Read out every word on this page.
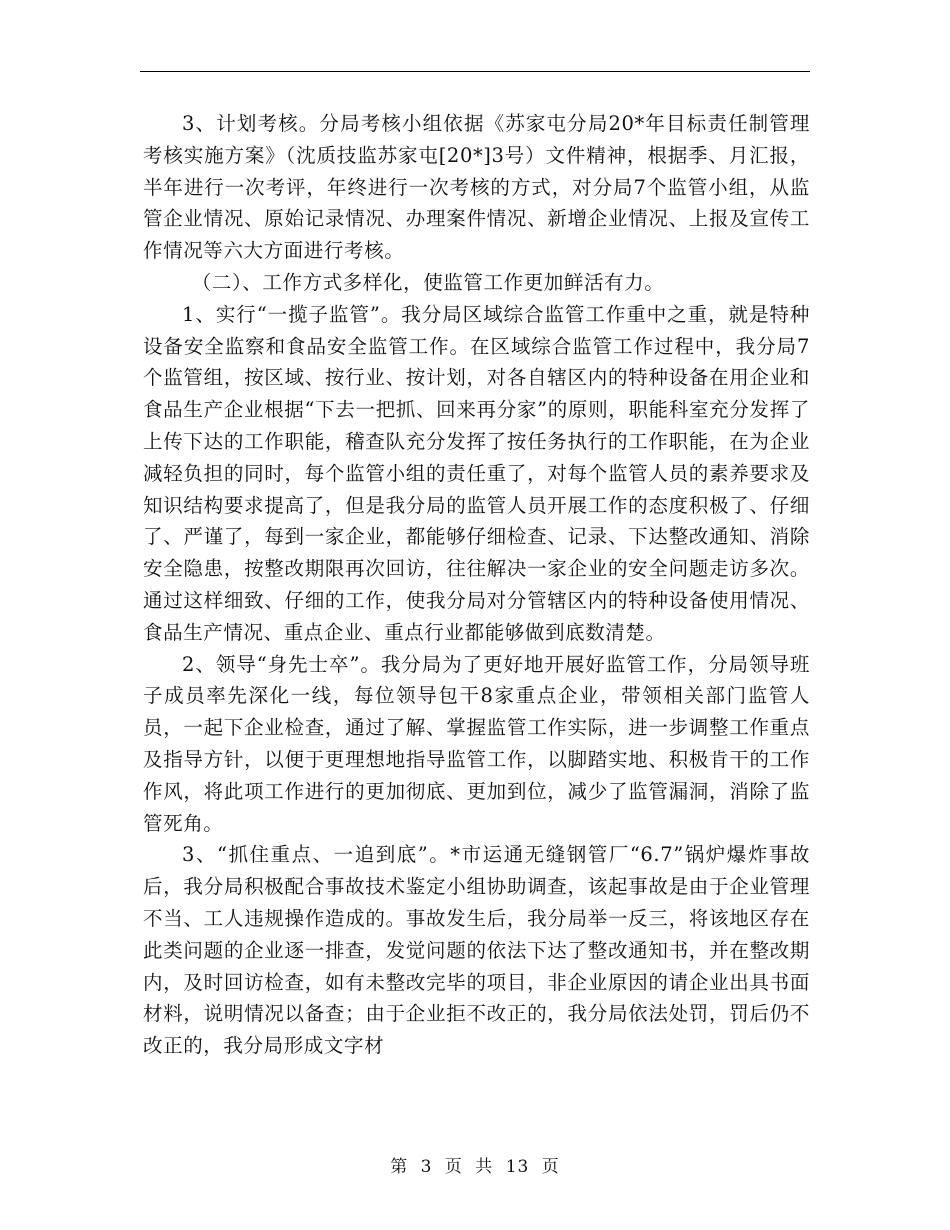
3、计划考核。分局考核小组依据《苏家屯分局20*年目标责任制管理考核实施方案》（沈质技监苏家屯[20*]3号）文件精神，根据季、月汇报，半年进行一次考评，年终进行一次考核的方式，对分局7个监管小组，从监管企业情况、原始记录情况、办理案件情况、新增企业情况、上报及宣传工作情况等六大方面进行考核。

（二）、工作方式多样化，使监管工作更加鲜活有力。

1、实行“一揽子监管”。我分局区域综合监管工作重中之重，就是特种设备安全监察和食品安全监管工作。在区域综合监管工作过程中，我分局7个监管组，按区域、按行业、按计划，对各自辖区内的特种设备在用企业和食品生产企业根据“下去一把抓、回来再分家”的原则，职能科室充分发挥了上传下达的工作职能，稽查队充分发挥了按任务执行的工作职能，在为企业减轻负担的同时，每个监管小组的责任重了，对每个监管人员的素养要求及知识结构要求提高了，但是我分局的监管人员开展工作的态度积极了、仔细了、严谨了，每到一家企业，都能够仔细检查、记录、下达整改通知、消除安全隐患，按整改期限再次回访，往往解决一家企业的安全问题走访多次。通过这样细致、仔细的工作，使我分局对分管辖区内的特种设备使用情况、食品生产情况、重点企业、重点行业都能够做到底数清楚。

2、领导“身先士卒”。我分局为了更好地开展好监管工作，分局领导班子成员率先深化一线，每位领导包干8家重点企业，带领相关部门监管人员，一起下企业检查，通过了解、掌握监管工作实际，进一步调整工作重点及指导方针，以便于更理想地指导监管工作，以脚踏实地、积极肯干的工作作风，将此项工作进行的更加彻底、更加到位，减少了监管漏洞，消除了监管死角。

3、“抓住重点、一追到底”。*市运通无缝钢管厂“6.7”锅炉爆炸事故后，我分局积极配合事故技术鉴定小组协助调查，该起事故是由于企业管理不当、工人违规操作造成的。事故发生后，我分局举一反三，将该地区存在此类问题的企业逐一排查，发觉问题的依法下达了整改通知书，并在整改期内，及时回访检查，如有未整改完毕的项目，非企业原因的请企业出具书面材料，说明情况以备查；由于企业拒不改正的，我分局依法处罚，罚后仍不改正的，我分局形成文字材

第 3 页 共 13 页
